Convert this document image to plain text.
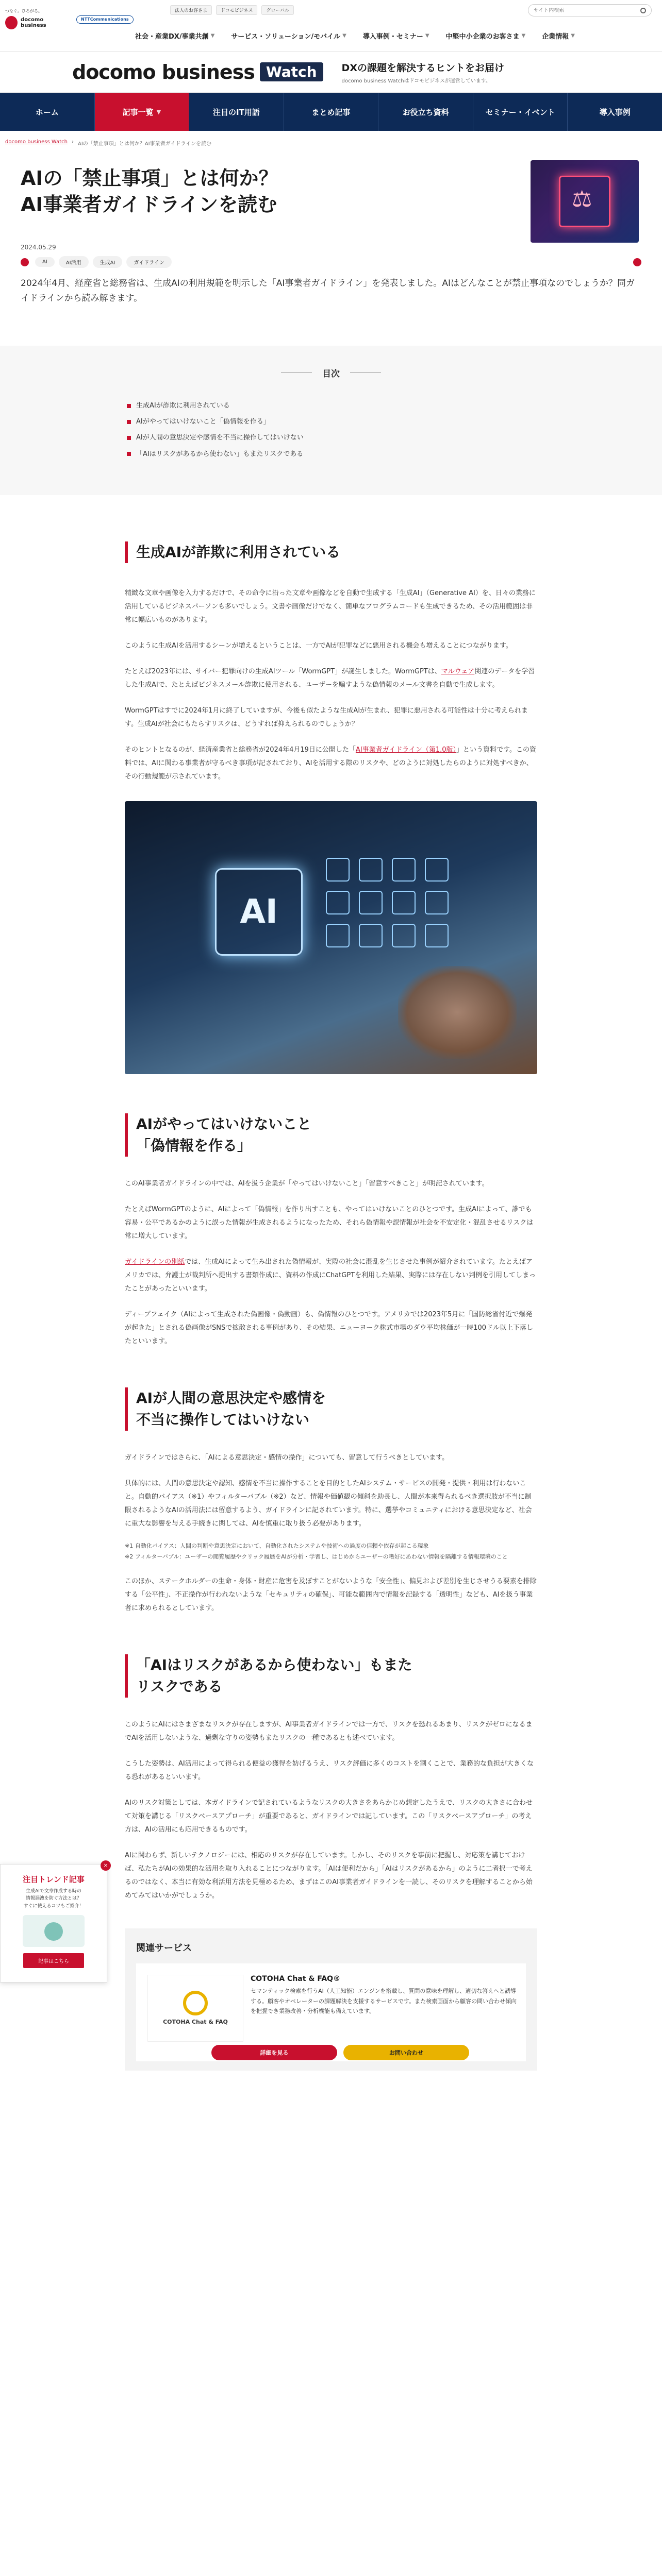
つなぐ。ひろがる。
docomo business
NTTCommunications
法人のお客さま	ドコモビジネス	グローバル
サイト内検索
社会・産業DX/事業共創 ▼ サービス・ソリューション/モバイル ▼ 導入事例・セミナー ▼ 中堅中小企業のお客さま ▼ 企業情報 ▼
docomo business Watch	DXの課題を解決するヒントをお届け
docomo business Watchはドコモビジネスが運営しています。
ホーム	記事一覧 ▼	注目のIT用語	まとめ記事	お役立ち資料	セミナー・イベント	導入事例
docomo business Watch › AIの「禁止事項」とは何か？AI事業者ガイドラインを読む
AIの「禁止事項」とは何か？
AI事業者ガイドラインを読む	⚖
2024.05.29
AI	AI活用	生成AI	ガイドライン

2024年4月、経産省と総務省は、生成AIの利用規範を明示した「AI事業者ガイドライン」を発表しました。AIはどんなことが禁止事項なのでしょうか？同ガイドラインから読み解きます。

目次
生成AIが詐欺に利用されている
AIがやってはいけないこと「偽情報を作る」
AIが人間の意思決定や感情を不当に操作してはいけない
「AIはリスクがあるから使わない」もまたリスクである
生成AIが詐欺に利用されている

精緻な文章や画像を入力するだけで、その命令に沿った文章や画像などを自動で生成する「生成AI」（Generative AI）を、日々の業務に活用しているビジネスパーソンも多いでしょう。文書や画像だけでなく、簡単なプログラムコードも生成できるため、その活用範囲は非常に幅広いものがあります。

このように生成AIを活用するシーンが増えるということは、一方でAIが犯罪などに悪用される機会も増えることにつながります。

たとえば2023年には、サイバー犯罪向けの生成AIツール「WormGPT」が誕生しました。WormGPTは、マルウェア関連のデータを学習した生成AIで、たとえばビジネスメール詐欺に使用される、ユーザーを騙すような偽情報のメール文書を自動で生成します。

WormGPTはすでに2024年1月に終了していますが、今後も似たような生成AIが生まれ、犯罪に悪用される可能性は十分に考えられます。生成AIが社会にもたらすリスクは、どうすれば抑えられるのでしょうか？

そのヒントとなるのが、経済産業省と総務省が2024年4月19日に公開した「AI事業者ガイドライン（第1.0版）」という資料です。この資料では、AIに関わる事業者が守るべき事項が記されており、AIを活用する際のリスクや、どのように対処したらのように対処すべきか、その行動規範が示されています。

AI
AIがやってはいけないこと
「偽情報を作る」

このAI事業者ガイドラインの中では、AIを扱う企業が「やってはいけないこと」「留意すべきこと」が明記されています。

たとえばWormGPTのように、AIによって「偽情報」を作り出すことも、やってはいけないことのひとつです。生成AIによって、誰でも容易・公平であるかのように誤った情報が生成されるようになったため、それら偽情報や誤情報が社会を不安定化・混乱させるリスクは常に増大しています。

ガイドラインの別紙では、生成AIによって生み出された偽情報が、実際の社会に混乱を生じさせた事例が紹介されています。たとえばアメリカでは、弁護士が裁判所へ提出する書類作成に、資料の作成にChatGPTを利用した結果、実際には存在しない判例を引用してしまったことがあったといいます。

ディープフェイク（AIによって生成された偽画像・偽動画）も、偽情報のひとつです。アメリカでは2023年5月に「国防総省付近で爆発が起きた」とされる偽画像がSNSで拡散される事例があり、その結果、ニューヨーク株式市場のダウ平均株価が一時100ドル以上下落したといいます。

AIが人間の意思決定や感情を
不当に操作してはいけない

ガイドラインではさらに、「AIによる意思決定・感情の操作」についても、留意して行うべきとしています。

具体的には、人間の意思決定や認知、感情を不当に操作することを目的としたAIシステム・サービスの開発・提供・利用は行わないこと。自動的バイアス（※1）やフィルターバブル（※2）など、情報や価値観の傾斜を助長し、人間が本来得られるべき選択肢が不当に制限されるようなAIの活用法には留意するよう、ガイドラインに記されています。特に、選挙やコミュニティにおける意思決定など、社会に重大な影響を与える手続きに関しては、AIを慎重に取り扱う必要があります。

※1 自動化バイアス：人間の判断や意思決定において、自動化されたシステムや技術への過度の信頼や依存が起こる現象

※2 フィルターバブル：ユーザーの閲覧履歴やクリック履歴をAIが分析・学習し、はじめからユーザーの嗜好にあわない情報を隔離する情報環境のこと

このほか、ステークホルダーの生命・身体・財産に危害を及ぼすことがないような「安全性」、偏見および差別を生じさせうる要素を排除する「公平性」、不正操作が行われないような「セキュリティの確保」、可能な範囲内で情報を記録する「透明性」なども、AIを扱う事業者に求められるとしています。

「AIはリスクがあるから使わない」もまた
リスクである

このようにAIにはさまざまなリスクが存在しますが、AI事業者ガイドラインでは一方で、リスクを恐れるあまり、リスクがゼロになるまでAIを活用しないような、過剰な守りの姿勢もまたリスクの一種であるとも述べています。

こうした姿勢は、AI活用によって得られる便益の獲得を妨げるうえ、リスク評価に多くのコストを割くことで、業務的な負担が大きくなる恐れがあるといいます。

AIのリスク対策としては、本ガイドラインで記されているようなリスクの大きさをあらかじめ想定したうえで、リスクの大きさに合わせて対策を講じる「リスクベースアプローチ」が重要であると、ガイドラインでは記しています。この「リスクベースアプローチ」の考え方は、AIの活用にも応用できるものです。

AIに関わらず、新しいテクノロジーには、相応のリスクが存在しています。しかし、そのリスクを事前に把握し、対応策を講じておけば、私たちがAIの効果的な活用を取り入れることにつながります。「AIは便利だから」「AIはリスクがあるから」のように二者択一で考えるのではなく、本当に有効な利活用方法を見極めるため、まずはこのAI事業者ガイドラインを一読し、そのリスクを理解することから始めてみてはいかがでしょうか。

関連サービス
COTOHA Chat & FAQ
COTOHA Chat & FAQ®
セマンティック検索を行うAI（人工知能）エンジンを搭載し、質問の意味を理解し、適切な答えへと誘導する。顧客やオペレーターの課題解決を支援するサービスです。また検索画面から顧客の問い合わせ傾向を把握でき業務改善・分析機能も備えています。
詳細を見る	お問い合わせ
×
注目トレンド記事
生成AIで文章作成する時の
情報漏洩を防ぐ方法とは？
すぐに使えるコツもご紹介！
記事はこちら
